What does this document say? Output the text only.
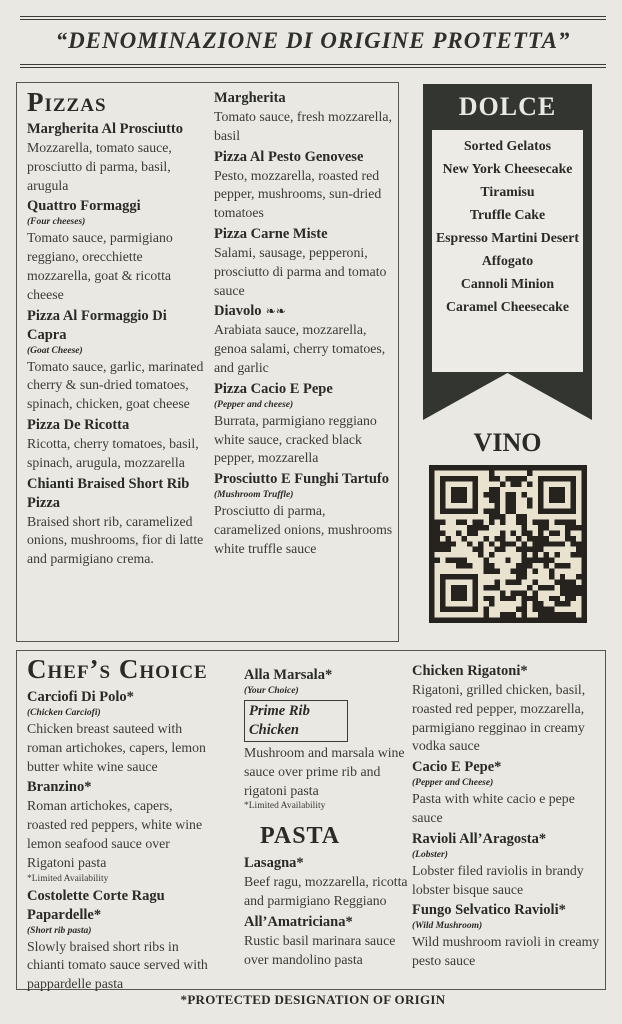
“DENOMINAZIONE DI ORIGINE PROTETTA”
Pizzas
Margherita Al Prosciutto
Mozzarella, tomato sauce, prosciutto di parma, basil, arugula
Quattro Formaggi
(Four cheeses)
Tomato sauce, parmigiano reggiano, orecchiette mozzarella, goat & ricotta cheese
Pizza Al Formaggio Di Capra
(Goat Cheese)
Tomato sauce, garlic, marinated cherry & sun-dried tomatoes, spinach, chicken, goat cheese
Pizza De Ricotta
Ricotta, cherry tomatoes, basil, spinach, arugula, mozzarella
Chianti Braised Short Rib Pizza
Braised short rib, caramelized onions, mushrooms, fior di latte and parmigiano crema.
Margherita
Tomato sauce, fresh mozzarella, basil
Pizza Al Pesto Genovese
Pesto, mozzarella, roasted red pepper, mushrooms, sun-dried tomatoes
Pizza Carne Miste
Salami, sausage, pepperoni, prosciutto di parma and tomato sauce
Diavolo ❧❧
Arabiata sauce, mozzarella, genoa salami, cherry tomatoes, and garlic
Pizza Cacio E Pepe
(Pepper and cheese)
Burrata, parmigiano reggiano white sauce, cracked black pepper, mozzarella
Prosciutto E Funghi Tartufo
(Mushroom Truffle)
Prosciutto di parma, caramelized onions, mushrooms white truffle sauce
DOLCE
Sorted Gelatos
New York Cheesecake
Tiramisu
Truffle Cake
Espresso Martini Desert
Affogato
Cannoli Minion
Caramel Cheesecake
VINO
Chef’s Choice
Carciofi Di Polo*
(Chicken Carciofi)
Chicken breast sauteed with roman artichokes, capers, lemon butter white wine sauce
Branzino*
Roman artichokes, capers, roasted red peppers, white wine lemon seafood sauce over Rigatoni pasta
*Limited Availability
Costolette Corte Ragu Papardelle*
(Short rib pasta)
Slowly braised short ribs in chianti tomato sauce served with pappardelle pasta
Alla Marsala*
(Your Choice)
Prime Rib Chicken
Mushroom and marsala wine sauce over prime rib and rigatoni pasta
*Limited Availability
PASTA
Lasagna*
Beef ragu, mozzarella, ricotta and parmigiano Reggiano
All’Amatriciana*
Rustic basil marinara sauce over mandolino pasta
Chicken Rigatoni*
Rigatoni, grilled chicken, basil, roasted red pepper, mozzarella, parmigiano regginao in creamy vodka sauce
Cacio E Pepe*
(Pepper and Cheese)
Pasta with white cacio e pepe sauce
Ravioli All’Aragosta*
(Lobster)
Lobster filed raviolis in brandy lobster bisque sauce
Fungo Selvatico Ravioli*
(Wild Mushroom)
Wild mushroom ravioli in creamy pesto sauce
*PROTECTED DESIGNATION OF ORIGIN
